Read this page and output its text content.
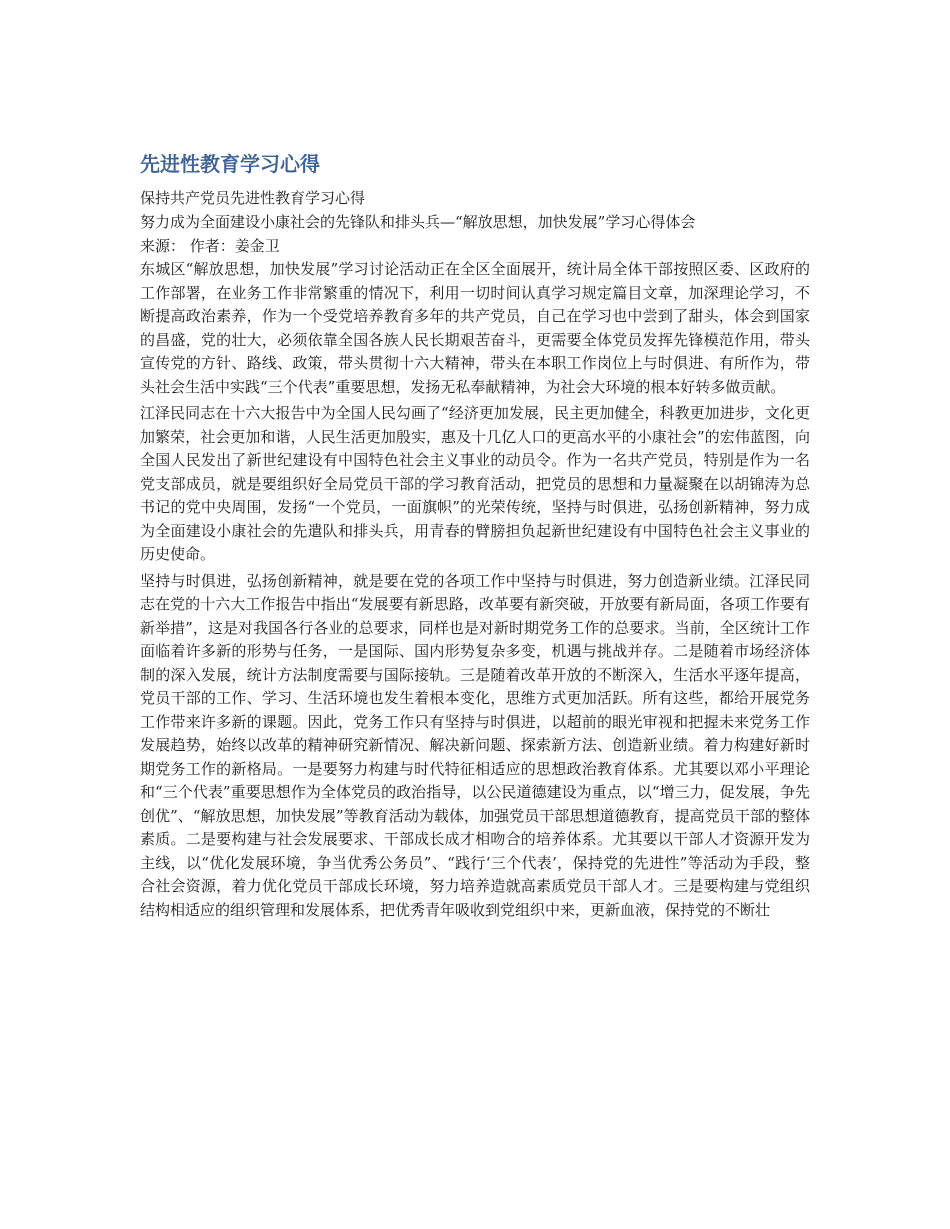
先进性教育学习心得

保持共产党员先进性教育学习心得

努力成为全面建设小康社会的先锋队和排头兵—“解放思想，加快发展”学习心得体会

来源： 作者：姜金卫

东城区“解放思想，加快发展”学习讨论活动正在全区全面展开，统计局全体干部按照区委、区政府的工作部署，在业务工作非常繁重的情况下，利用一切时间认真学习规定篇目文章，加深理论学习，不断提高政治素养，作为一个受党培养教育多年的共产党员，自己在学习也中尝到了甜头，体会到国家的昌盛，党的壮大，必须依靠全国各族人民长期艰苦奋斗，更需要全体党员发挥先锋模范作用，带头宣传党的方针、路线、政策，带头贯彻十六大精神，带头在本职工作岗位上与时俱进、有所作为，带头社会生活中实践“三个代表”重要思想，发扬无私奉献精神，为社会大环境的根本好转多做贡献。

江泽民同志在十六大报告中为全国人民勾画了“经济更加发展，民主更加健全，科教更加进步，文化更加繁荣，社会更加和谐，人民生活更加殷实，惠及十几亿人口的更高水平的小康社会”的宏伟蓝图，向全国人民发出了新世纪建设有中国特色社会主义事业的动员令。作为一名共产党员，特别是作为一名党支部成员，就是要组织好全局党员干部的学习教育活动，把党员的思想和力量凝聚在以胡锦涛为总书记的党中央周围，发扬“一个党员，一面旗帜”的光荣传统，坚持与时俱进，弘扬创新精神，努力成为全面建设小康社会的先遣队和排头兵，用青春的臂膀担负起新世纪建设有中国特色社会主义事业的历史使命。

坚持与时俱进，弘扬创新精神，就是要在党的各项工作中坚持与时俱进，努力创造新业绩。江泽民同志在党的十六大工作报告中指出“发展要有新思路，改革要有新突破，开放要有新局面，各项工作要有新举措”，这是对我国各行各业的总要求，同样也是对新时期党务工作的总要求。当前，全区统计工作面临着许多新的形势与任务，一是国际、国内形势复杂多变，机遇与挑战并存。二是随着市场经济体制的深入发展，统计方法制度需要与国际接轨。三是随着改革开放的不断深入，生活水平逐年提高，党员干部的工作、学习、生活环境也发生着根本变化，思维方式更加活跃。所有这些，都给开展党务工作带来许多新的课题。因此，党务工作只有坚持与时俱进，以超前的眼光审视和把握未来党务工作发展趋势，始终以改革的精神研究新情况、解决新问题、探索新方法、创造新业绩。着力构建好新时期党务工作的新格局。一是要努力构建与时代特征相适应的思想政治教育体系。尤其要以邓小平理论和“三个代表”重要思想作为全体党员的政治指导，以公民道德建设为重点，以“增三力，促发展，争先创优”、“解放思想，加快发展”等教育活动为载体，加强党员干部思想道德教育，提高党员干部的整体素质。二是要构建与社会发展要求、干部成长成才相吻合的培养体系。尤其要以干部人才资源开发为主线，以“优化发展环境，争当优秀公务员”、“践行‘三个代表’，保持党的先进性”等活动为手段，整合社会资源，着力优化党员干部成长环境，努力培养造就高素质党员干部人才。三是要构建与党组织结构相适应的组织管理和发展体系，把优秀青年吸收到党组织中来，更新血液，保持党的不断壮
